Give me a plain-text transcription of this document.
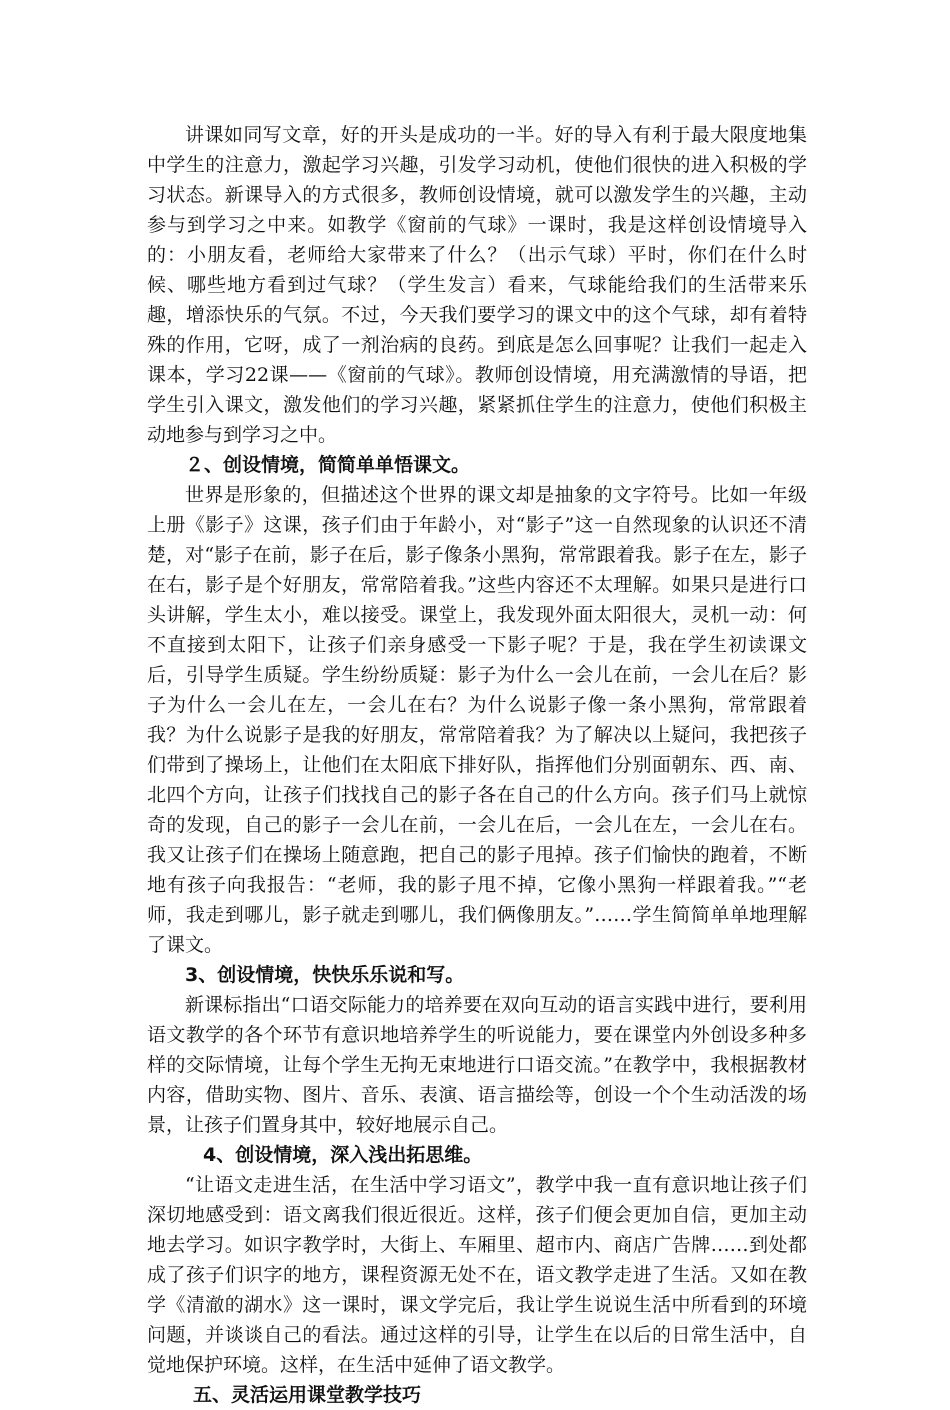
讲课如同写文章，好的开头是成功的一半。好的导入有利于最大限度地集中学生的注意力，激起学习兴趣，引发学习动机，使他们很快的进入积极的学习状态。新课导入的方式很多，教师创设情境，就可以激发学生的兴趣，主动参与到学习之中来。如教学《窗前的气球》一课时，我是这样创设情境导入的：小朋友看，老师给大家带来了什么？（出示气球）平时，你们在什么时候、哪些地方看到过气球？（学生发言）看来，气球能给我们的生活带来乐趣，增添快乐的气氛。不过，今天我们要学习的课文中的这个气球，却有着特殊的作用，它呀，成了一剂治病的良药。到底是怎么回事呢？让我们一起走入课本，学习22课——《窗前的气球》。教师创设情境，用充满激情的导语，把学生引入课文，激发他们的学习兴趣，紧紧抓住学生的注意力，使他们积极主动地参与到学习之中。

２、创设情境，简简单单悟课文。

世界是形象的，但描述这个世界的课文却是抽象的文字符号。比如一年级上册《影子》这课，孩子们由于年龄小，对“影子”这一自然现象的认识还不清楚，对“影子在前，影子在后，影子像条小黑狗，常常跟着我。影子在左，影子在右，影子是个好朋友，常常陪着我。”这些内容还不太理解。如果只是进行口头讲解，学生太小，难以接受。课堂上，我发现外面太阳很大，灵机一动：何不直接到太阳下，让孩子们亲身感受一下影子呢？于是，我在学生初读课文后，引导学生质疑。学生纷纷质疑：影子为什么一会儿在前，一会儿在后？影子为什么一会儿在左，一会儿在右？为什么说影子像一条小黑狗，常常跟着我？为什么说影子是我的好朋友，常常陪着我？为了解决以上疑问，我把孩子们带到了操场上，让他们在太阳底下排好队，指挥他们分别面朝东、西、南、北四个方向，让孩子们找找自己的影子各在自己的什么方向。孩子们马上就惊奇的发现，自己的影子一会儿在前，一会儿在后，一会儿在左，一会儿在右。我又让孩子们在操场上随意跑，把自己的影子甩掉。孩子们愉快的跑着，不断地有孩子向我报告：“老师，我的影子甩不掉，它像小黑狗一样跟着我。”“老师，我走到哪儿，影子就走到哪儿，我们俩像朋友。”……学生简简单单地理解了课文。

3、创设情境，快快乐乐说和写。

新课标指出“口语交际能力的培养要在双向互动的语言实践中进行，要利用语文教学的各个环节有意识地培养学生的听说能力，要在课堂内外创设多种多样的交际情境，让每个学生无拘无束地进行口语交流。”在教学中，我根据教材内容，借助实物、图片、音乐、表演、语言描绘等，创设一个个生动活泼的场景，让孩子们置身其中，较好地展示自己。

4、创设情境，深入浅出拓思维。

“让语文走进生活，在生活中学习语文”，教学中我一直有意识地让孩子们深切地感受到：语文离我们很近很近。这样，孩子们便会更加自信，更加主动地去学习。如识字教学时，大街上、车厢里、超市内、商店广告牌……到处都成了孩子们识字的地方，课程资源无处不在，语文教学走进了生活。又如在教学《清澈的湖水》这一课时，课文学完后，我让学生说说生活中所看到的环境问题，并谈谈自己的看法。通过这样的引导，让学生在以后的日常生活中，自觉地保护环境。这样，在生活中延伸了语文教学。

五、灵活运用课堂教学技巧
